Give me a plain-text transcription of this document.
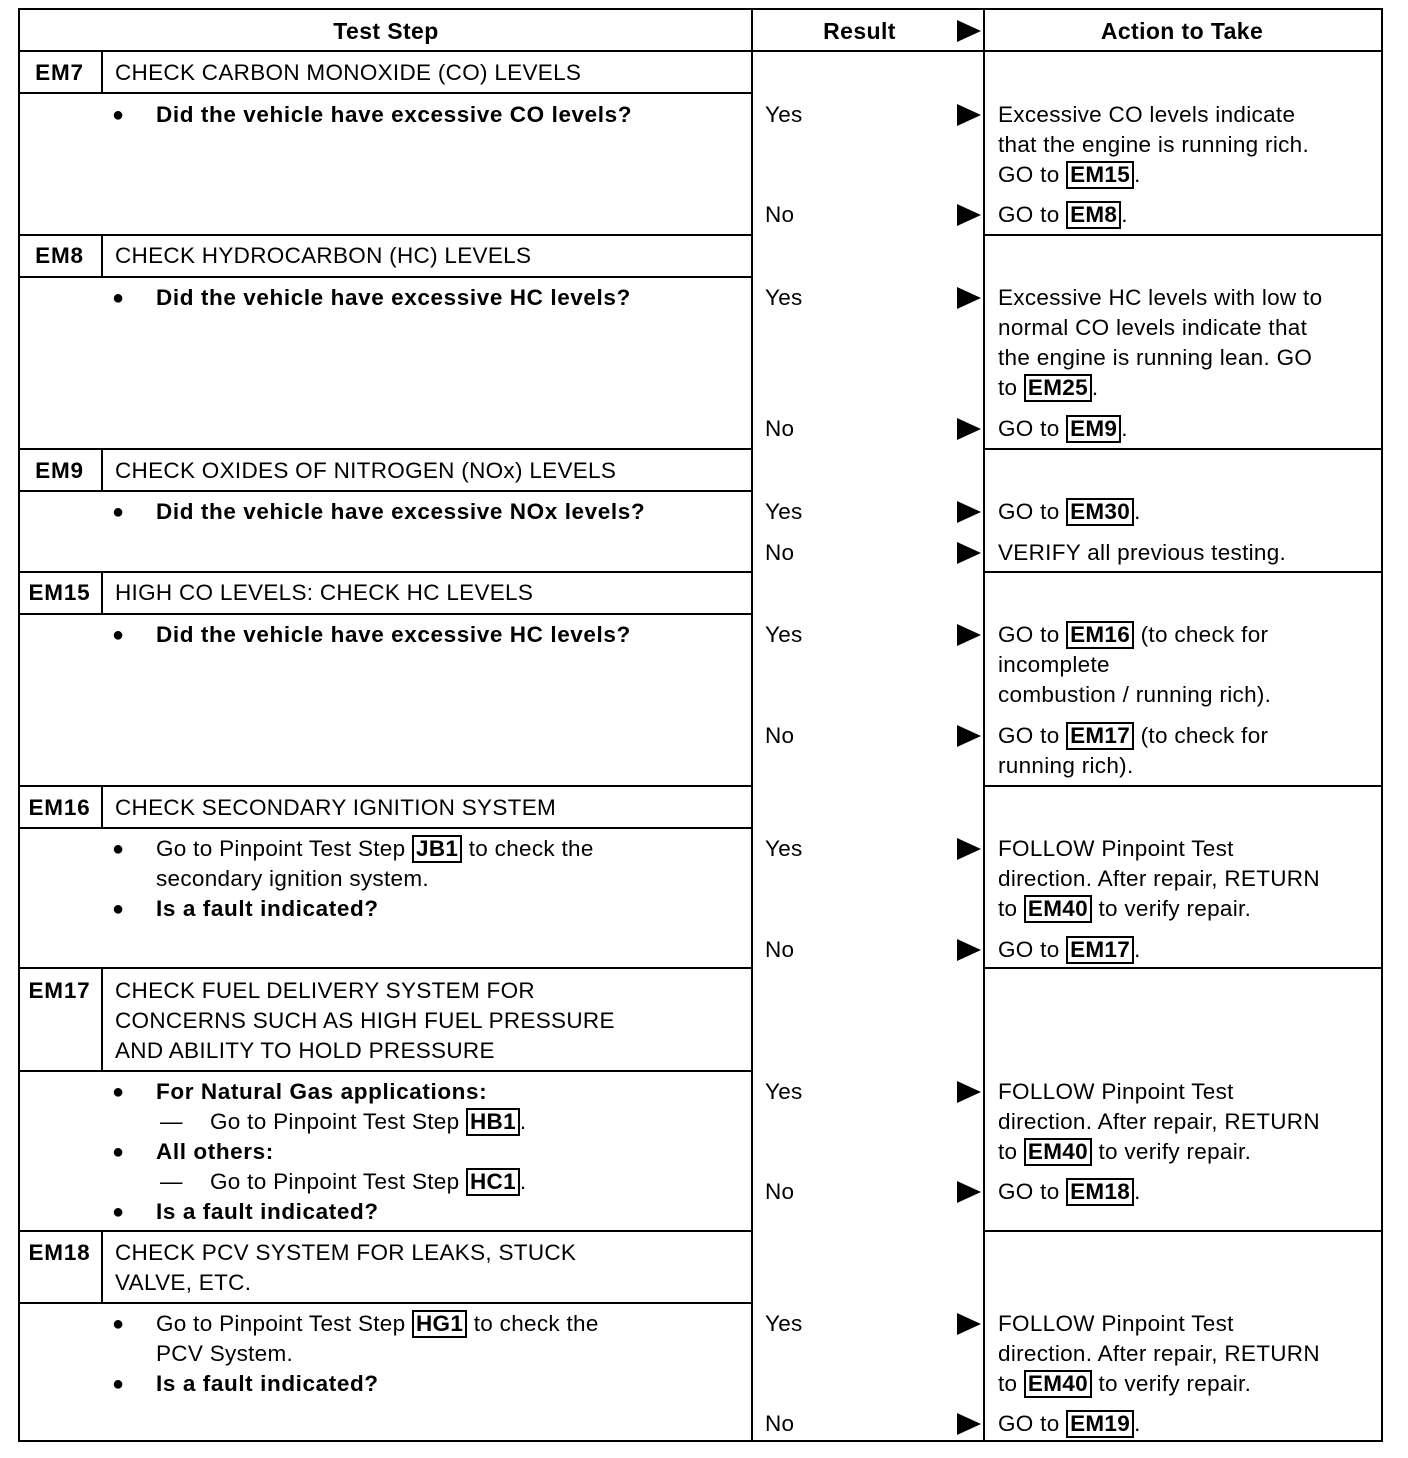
Test Step	Result	Action to Take
EM7	CHECK CARBON MONOXIDE (CO) LEVELS
● Did the vehicle have excessive CO levels?	Yes	Excessive CO levels indicate
that the engine is running rich.
GO to EM15 .
No	GO to EM8 .
EM8	CHECK HYDROCARBON (HC) LEVELS
● Did the vehicle have excessive HC levels?	Yes	Excessive HC levels with low to
normal CO levels indicate that
the engine is running lean. GO
to EM25 .
No	GO to EM9 .
EM9	CHECK OXIDES OF NITROGEN (NOx) LEVELS
● Did the vehicle have excessive NOx levels?	Yes	GO to EM30 .
No	VERIFY all previous testing.
EM15	HIGH CO LEVELS: CHECK HC LEVELS
● Did the vehicle have excessive HC levels?	Yes	GO to EM16 (to check for
incomplete
combustion / running rich).
No	GO to EM17 (to check for
running rich).
EM16	CHECK SECONDARY IGNITION SYSTEM
● Go to Pinpoint Test Step JB1 to check the
secondary ignition system.
● Is a fault indicated?
Yes	FOLLOW Pinpoint Test
direction. After repair, RETURN
to EM40 to verify repair.
No	GO to EM17 .
EM17	CHECK FUEL DELIVERY SYSTEM FOR
CONCERNS SUCH AS HIGH FUEL PRESSURE
AND ABILITY TO HOLD PRESSURE
● For Natural Gas applications:
— Go to Pinpoint Test Step HB1 .
● All others:
— Go to Pinpoint Test Step HC1 .
● Is a fault indicated?
Yes	FOLLOW Pinpoint Test
direction. After repair, RETURN
to EM40 to verify repair.
No	GO to EM18 .
EM18	CHECK PCV SYSTEM FOR LEAKS, STUCK
VALVE, ETC.
● Go to Pinpoint Test Step HG1 to check the
PCV System.
● Is a fault indicated?
Yes	FOLLOW Pinpoint Test
direction. After repair, RETURN
to EM40 to verify repair.
No	GO to EM19 .
